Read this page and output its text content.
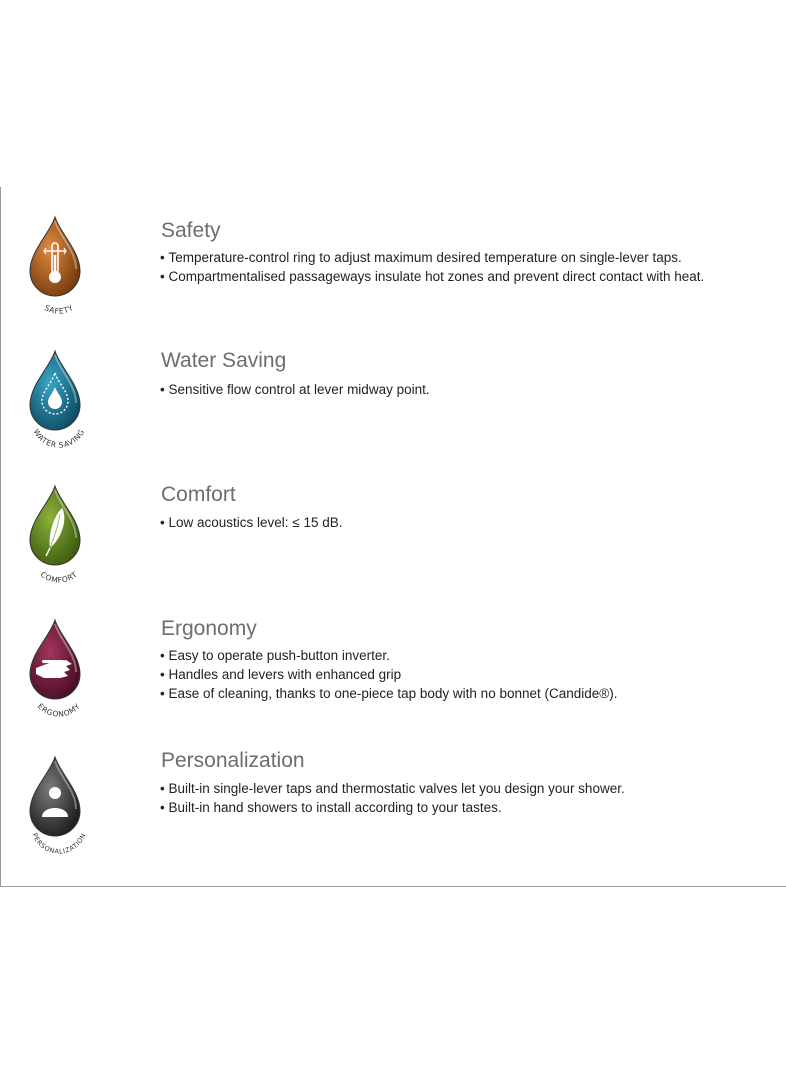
SAFETY
Safety
• Temperature-control ring to adjust maximum desired temperature on single-lever taps.
• Compartmentalised passageways insulate hot zones and prevent direct contact with heat.
WATER SAVING
Water Saving
• Sensitive flow control at lever midway point.
COMFORT
Comfort
• Low acoustics level: ≤ 15 dB.
ERGONOMY
Ergonomy
• Easy to operate push-button inverter.
• Handles and levers with enhanced grip
• Ease of cleaning, thanks to one-piece tap body with no bonnet (Candide®).
PERSONALIZATION
Personalization
• Built-in single-lever taps and thermostatic valves let you design your shower.
• Built-in hand showers to install according to your tastes.
